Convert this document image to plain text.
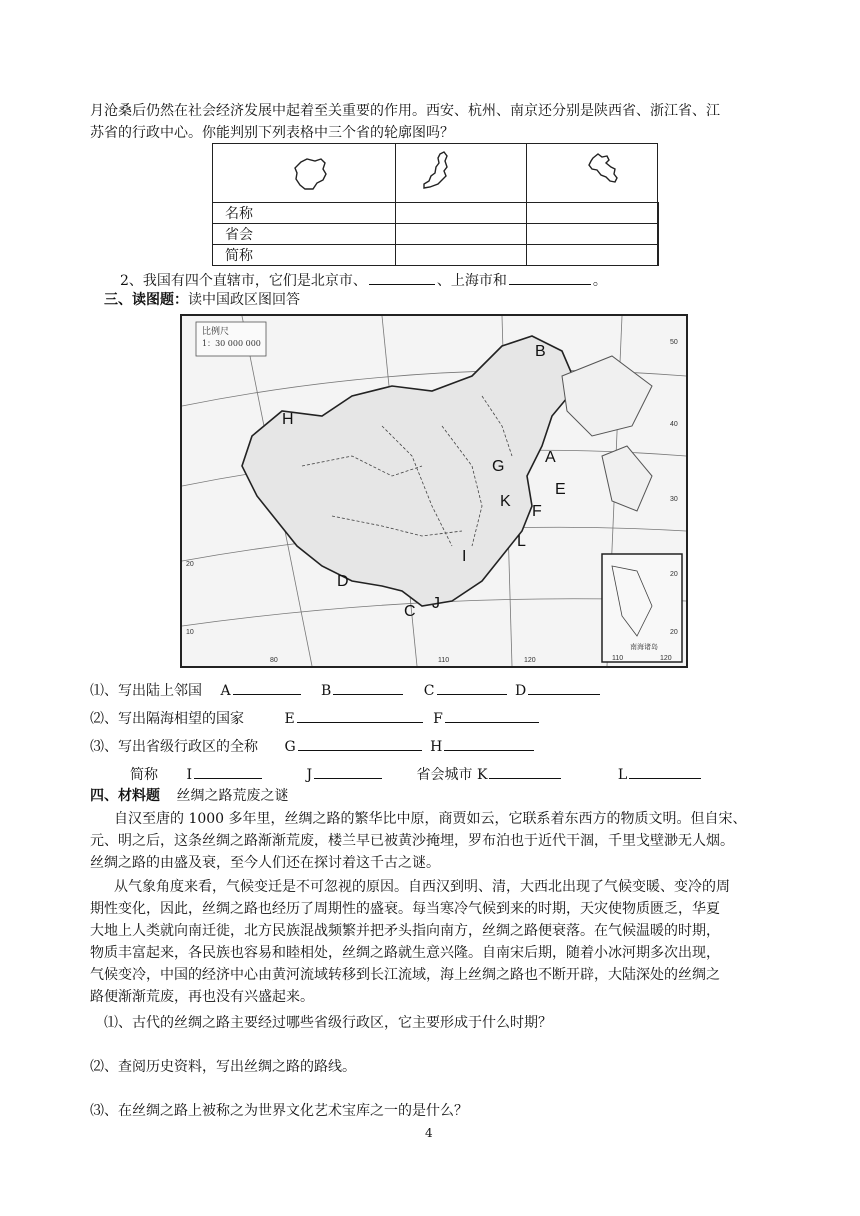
月沧桑后仍然在社会经济发展中起着至关重要的作用。西安、杭州、南京还分别是陕西省、浙江省、江
苏省的行政中心。你能判别下列表格中三个省的轮廓图吗？

名称			
省会			
简称			
2、我国有四个直辖市，它们是北京市、	、上海市和	。
三、读图题：读中国政区图回答
比例尺
1：30 000 000	B
H
A
E
G
F
K
L
D
C J
I
80	110	120
50
40
30
20
20
10	20
110	120
南海诸岛
⑴、写出陆上邻国 A	B	C	D
⑵、写出隔海相望的国家	E	F
⑶、写出省级行政区的全称 G	H
简称 I	J	省会城市 K	L
四、材料题 丝绸之路荒废之谜
自汉至唐的 1000 多年里，丝绸之路的繁华比中原，商贾如云，它联系着东西方的物质文明。但自宋、
元、明之后，这条丝绸之路渐渐荒废，楼兰早已被黄沙掩埋，罗布泊也于近代干涸，千里戈壁渺无人烟。
丝绸之路的由盛及衰，至今人们还在探讨着这千古之谜。
从气象角度来看，气候变迁是不可忽视的原因。自西汉到明、清，大西北出现了气候变暖、变冷的周
期性变化，因此，丝绸之路也经历了周期性的盛衰。每当寒冷气候到来的时期，天灾使物质匮乏，华夏
大地上人类就向南迁徙，北方民族混战频繁并把矛头指向南方，丝绸之路便衰落。在气候温暖的时期，
物质丰富起来，各民族也容易和睦相处，丝绸之路就生意兴隆。自南宋后期，随着小冰河期多次出现，
气候变冷，中国的经济中心由黄河流域转移到长江流域，海上丝绸之路也不断开辟，大陆深处的丝绸之
路便渐渐荒废，再也没有兴盛起来。
⑴、古代的丝绸之路主要经过哪些省级行政区，它主要形成于什么时期？
⑵、查阅历史资料，写出丝绸之路的路线。
⑶、在丝绸之路上被称之为世界文化艺术宝库之一的是什么？
4
